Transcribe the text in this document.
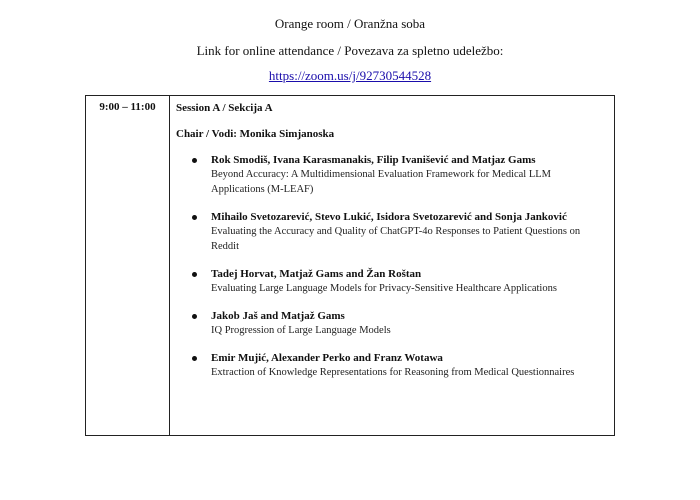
Orange room / Oranžna soba
Link for online attendance / Povezava za spletno udeležbo:
https://zoom.us/j/92730544528
9:00 – 11:00	Session A / Sekcija A
Chair / Vodi: Monika Simjanoska
Rok Smodiš, Ivana Karasmanakis, Filip Ivanišević and Matjaz Gams
Beyond Accuracy: A Multidimensional Evaluation Framework for Medical LLM Applications (M-LEAF)
Mihailo Svetozarević, Stevo Lukić, Isidora Svetozarević and Sonja Janković
Evaluating the Accuracy and Quality of ChatGPT-4o Responses to Patient Questions on Reddit
Tadej Horvat, Matjaž Gams and Žan Roštan
Evaluating Large Language Models for Privacy-Sensitive Healthcare Applications
Jakob Jaš and Matjaž Gams
IQ Progression of Large Language Models
Emir Mujić, Alexander Perko and Franz Wotawa
Extraction of Knowledge Representations for Reasoning from Medical Questionnaires
